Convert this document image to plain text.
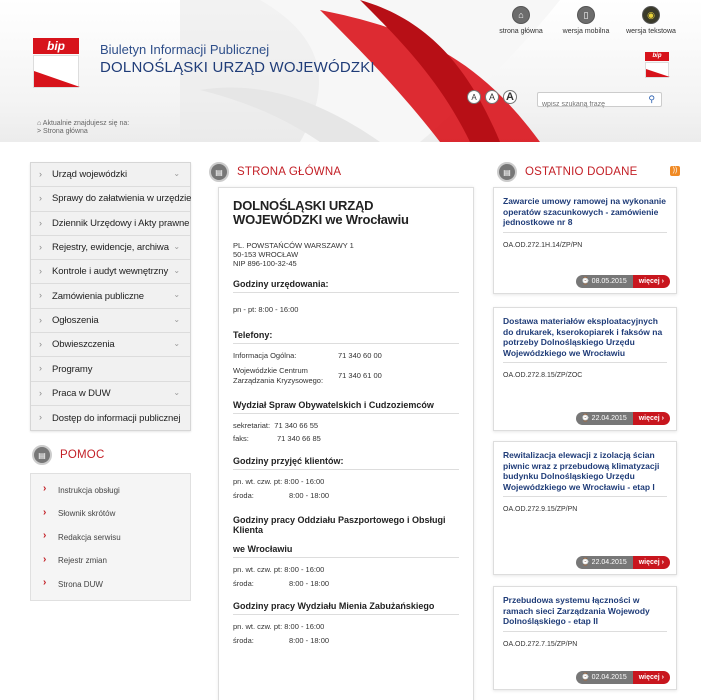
bip	Biuletyn Informacji Publicznej
DOLNOŚLĄSKI URZĄD WOJEWÓDZKI
⌂
strona główna
▯
wersja mobilna
◉
wersja tekstowa
bip
A	A	A
wpisz szukaną frazę	⚲
⌂ Aktualnie znajdujesz się na:
> Strona główna
› Urząd wojewódzki	⌄
› Sprawy do załatwienia w urzędzie
› Dziennik Urzędowy i Akty prawne
› Rejestry, ewidencje, archiwa ⌄
› Kontrole i audyt wewnętrzny ⌄
› Zamówienia publiczne	⌄
› Ogłoszenia	⌄
› Obwieszczenia	⌄
› Programy
› Praca w DUW	⌄
› Dostęp do informacji publicznej
▤	POMOC
› Instrukcja obsługi
› Słownik skrótów
› Redakcja serwisu
› Rejestr zmian
› Strona DUW
▤	STRONA GŁÓWNA
DOLNOŚLĄSKI URZĄD WOJEWÓDZKI we Wrocławiu
PL. POWSTAŃCÓW WARSZAWY 1
50-153 WROCŁAW
NIP 896-100-32-45
Godziny urzędowania:
pn - pt: 8:00 - 16:00
Telefony:
Informacja Ogólna:	71 340 60 00
Wojewódzkie Centrum
Zarządzania Kryzysowego:
71 340 61 00
Wydział Spraw Obywatelskich i Cudzoziemców
sekretariat: 71 340 66 55
faks:	71 340 66 85
Godziny przyjęć klientów:
pn. wt. czw. pt: 8:00 - 16:00
środa:	8:00 - 18:00
Godziny pracy Oddziału Paszportowego i Obsługi Klienta
we Wrocławiu
pn. wt. czw. pt: 8:00 - 16:00
środa:	8:00 - 18:00
Godziny pracy Wydziału Mienia Zabużańskiego
pn. wt. czw. pt: 8:00 - 16:00
środa:	8:00 - 18:00
▤	OSTATNIO DODANE	))
Zawarcie umowy ramowej na wykonanie operatów szacunkowych - zamówienie jednostkowe nr 8
OA.OD.272.1H.14/ZP/PN
⌚ 08.05.2015	więcej ›
Dostawa materiałów eksploatacyjnych do drukarek, kserokopiarek i faksów na potrzeby Dolnośląskiego Urzędu Wojewódzkiego we Wrocławiu
OA.OD.272.8.15/ZP/ZOC
⌚ 22.04.2015	więcej ›
Rewitalizacja elewacji z izolacją ścian piwnic wraz z przebudową klimatyzacji budynku Dolnośląskiego Urzędu Wojewódzkiego we Wrocławiu - etap I
OA.OD.272.9.15/ZP/PN
⌚ 22.04.2015	więcej ›
Przebudowa systemu łączności w ramach sieci Zarządzania Wojewody Dolnośląskiego - etap II
OA.OD.272.7.15/ZP/PN
⌚ 02.04.2015	więcej ›
